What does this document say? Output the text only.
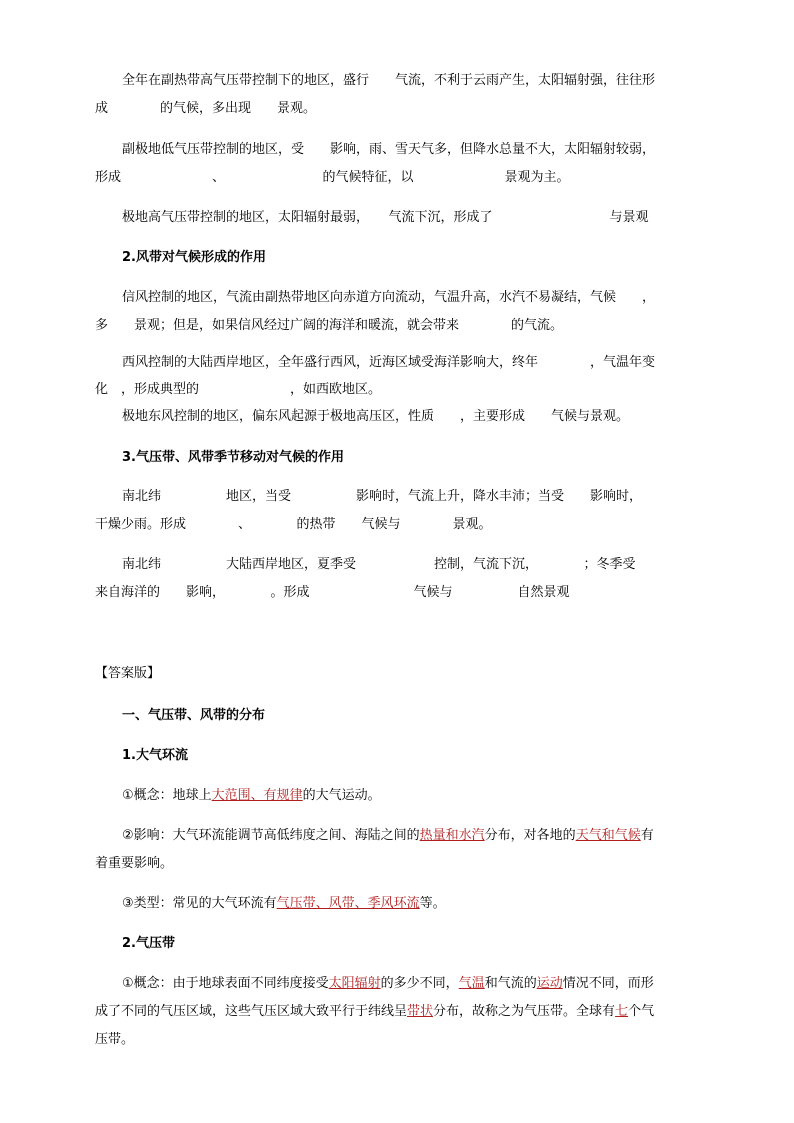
全年在副热带高气压带控制下的地区，盛行　　气流，不利于云雨产生，太阳辐射强，往往形
成　　　　的气候，多出现　　景观。
副极地低气压带控制的地区，受　　影响，雨、雪天气多，但降水总量不大，太阳辐射较弱，
形成　　　　　　　、　　　　　　　　的气候特征，以　　　　　　　景观为主。
极地高气压带控制的地区，太阳辐射最弱，　　气流下沉，形成了　　　　　　　　　与景观
2.风带对气候形成的作用
信风控制的地区，气流由副热带地区向赤道方向流动，气温升高，水汽不易凝结，气候　　，
多　　景观；但是，如果信风经过广阔的海洋和暖流，就会带来　　　　的气流。
西风控制的大陆西岸地区，全年盛行西风，近海区域受海洋影响大，终年　　　　，气温年变
化　，形成典型的　　　　　　　，如西欧地区。
极地东风控制的地区，偏东风起源于极地高压区，性质　　，主要形成　　气候与景观。
3.气压带、风带季节移动对气候的作用
南北纬　　　　　地区，当受　　　　　影响时，气流上升，降水丰沛；当受　　影响时，
干燥少雨。形成　　　　、　　　　的热带　　气候与　　　　景观。
南北纬　　　　　大陆西岸地区，夏季受　　　　　　控制，气流下沉，　　　　；冬季受
来自海洋的　　影响，　　　　。形成　　　　　　　　气候与　　　　　自然景观
【答案版】
一、气压带、风带的分布
1.大气环流
①概念：地球上大范围、有规律的大气运动。
②影响：大气环流能调节高低纬度之间、海陆之间的热量和水汽分布，对各地的天气和气候有
着重要影响。
③类型：常见的大气环流有气压带、风带、季风环流等。
2.气压带
①概念：由于地球表面不同纬度接受太阳辐射的多少不同，气温和气流的运动情况不同，而形
成了不同的气压区域，这些气压区域大致平行于纬线呈带状分布，故称之为气压带。全球有七个气
压带。
